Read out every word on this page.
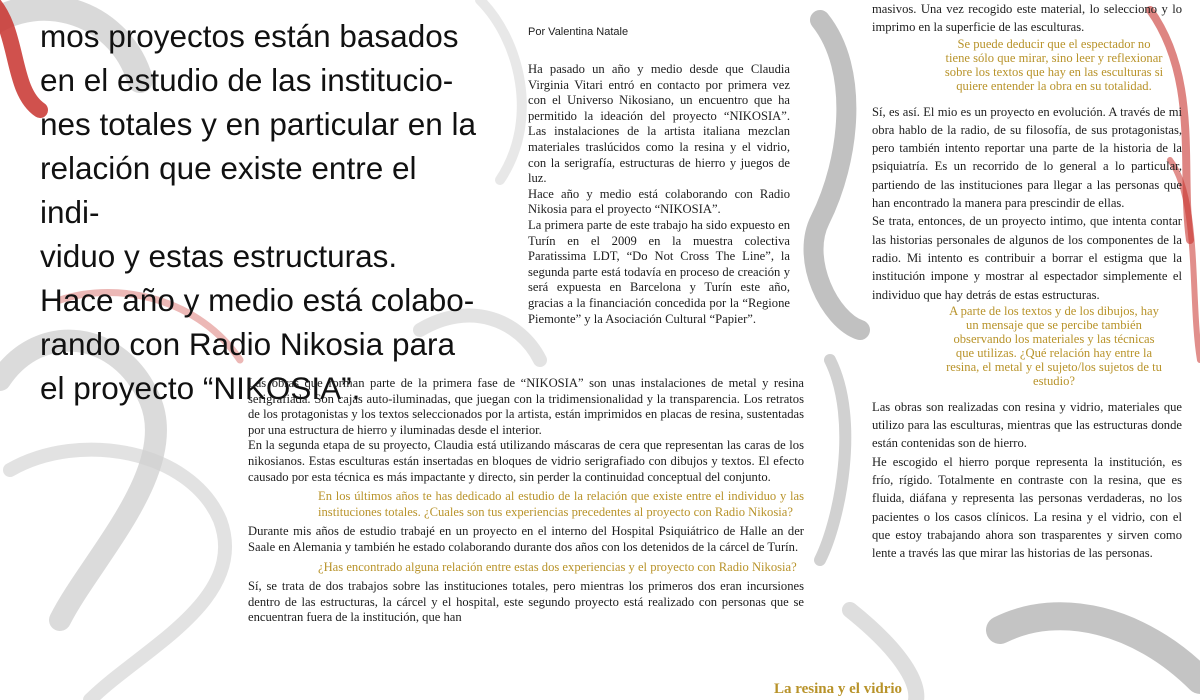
mos proyectos están basados
en el estudio de las institucio-
nes totales y en particular en la
relación que existe entre el indi-
viduo y estas estructuras.
Hace año y medio está colabo-
rando con Radio Nikosia para
el proyecto “NIKOSIA”.
Por Valentina Natale

Ha pasado un año y medio desde que Claudia Virginia Vitari entró en contacto por primera vez con el Universo Nikosiano, un encuentro que ha permitido la ideación del proyecto “NIKOSIA”. Las instalaciones de la artista italiana mezclan materiales traslúcidos como la resina y el vidrio, con la serigrafía, estructuras de hierro y juegos de luz.

Hace año y medio está colaborando con Radio Nikosia para el proyecto “NIKOSIA”.

La primera parte de este trabajo ha sido expuesto en Turín en el 2009 en la muestra colectiva Paratissima LDT, “Do Not Cross The Line”, la segunda parte está todavía en proceso de creación y será expuesta en Barcelona y Turín este año, gracias a la financiación concedida por la “Regione Piemonte” y la Asociación Cultural “Papier”.

Las obras que forman parte de la primera fase de “NIKOSIA” son unas instalaciones de metal y resina serigrafiada. Son cajas auto-iluminadas, que juegan con la tridimensionalidad y la transparencia. Los retratos de los protagonistas y los textos seleccionados por la artista, están imprimidos en placas de resina, sustentadas por una estructura de hierro y iluminadas desde el interior.

En la segunda etapa de su proyecto, Claudia está utilizando máscaras de cera que representan las caras de los nikosianos. Estas esculturas están insertadas en bloques de vidrio serigrafiado con dibujos y textos. El efecto causado por esta técnica es más impactante y directo, sin perder la continuidad conceptual del conjunto.

En los últimos años te has dedicado al estudio de la relación que existe entre el individuo y las instituciones totales. ¿Cuales son tus experiencias precedentes al proyecto con Radio Nikosia?

Durante mis años de estudio trabajé en un proyecto en el interno del Hospital Psiquiátrico de Halle an der Saale en Alemania y también he estado colaborando durante dos años con los detenidos de la cárcel de Turín.

¿Has encontrado alguna relación entre estas dos experiencias y el proyecto con Radio Nikosia?

Sí, se trata de dos trabajos sobre las instituciones totales, pero mientras los primeros dos eran incursiones dentro de las estructuras, la cárcel y el hospital, este segundo proyecto está realizado con personas que se encuentran fuera de la institución, que han

masivos. Una vez recogido este material, lo selecciono y lo imprimo en la superficie de las esculturas.

Se puede deducir que el espectador no tiene sólo que mirar, sino leer y reflexionar sobre los textos que hay en las esculturas si quiere entender la obra en su totalidad.

Sí, es así. El mio es un proyecto en evolución. A través de mi obra hablo de la radio, de su filosofía, de sus protagonistas, pero también intento reportar una parte de la historia de la psiquiatría. Es un recorrido de lo general a lo particular, partiendo de las instituciones para llegar a las personas que han encontrado la manera para prescindir de ellas.

Se trata, entonces, de un proyecto intimo, que intenta contar las historias personales de algunos de los componentes de la radio. Mi intento es contribuir a borrar el estigma que la institución impone y mostrar al espectador simplemente el individuo que hay detrás de estas estructuras.

A parte de los textos y de los dibujos, hay un mensaje que se percibe también observando los materiales y las técnicas que utilizas. ¿Qué relación hay entre la resina, el metal y el sujeto/los sujetos de tu estudio?

Las obras son realizadas con resina y vidrio, materiales que utilizo para las esculturas, mientras que las estructuras donde están contenidas son de hierro.

He escogido el hierro porque representa la institución, es frío, rígido. Totalmente en contraste con la resina, que es fluida, diáfana y representa las personas verdaderas, no los pacientes o los casos clínicos. La resina y el vidrio, con el que estoy trabajando ahora son trasparentes y sirven como lente a través las que mirar las historias de las personas.

La resina y el vidrio
